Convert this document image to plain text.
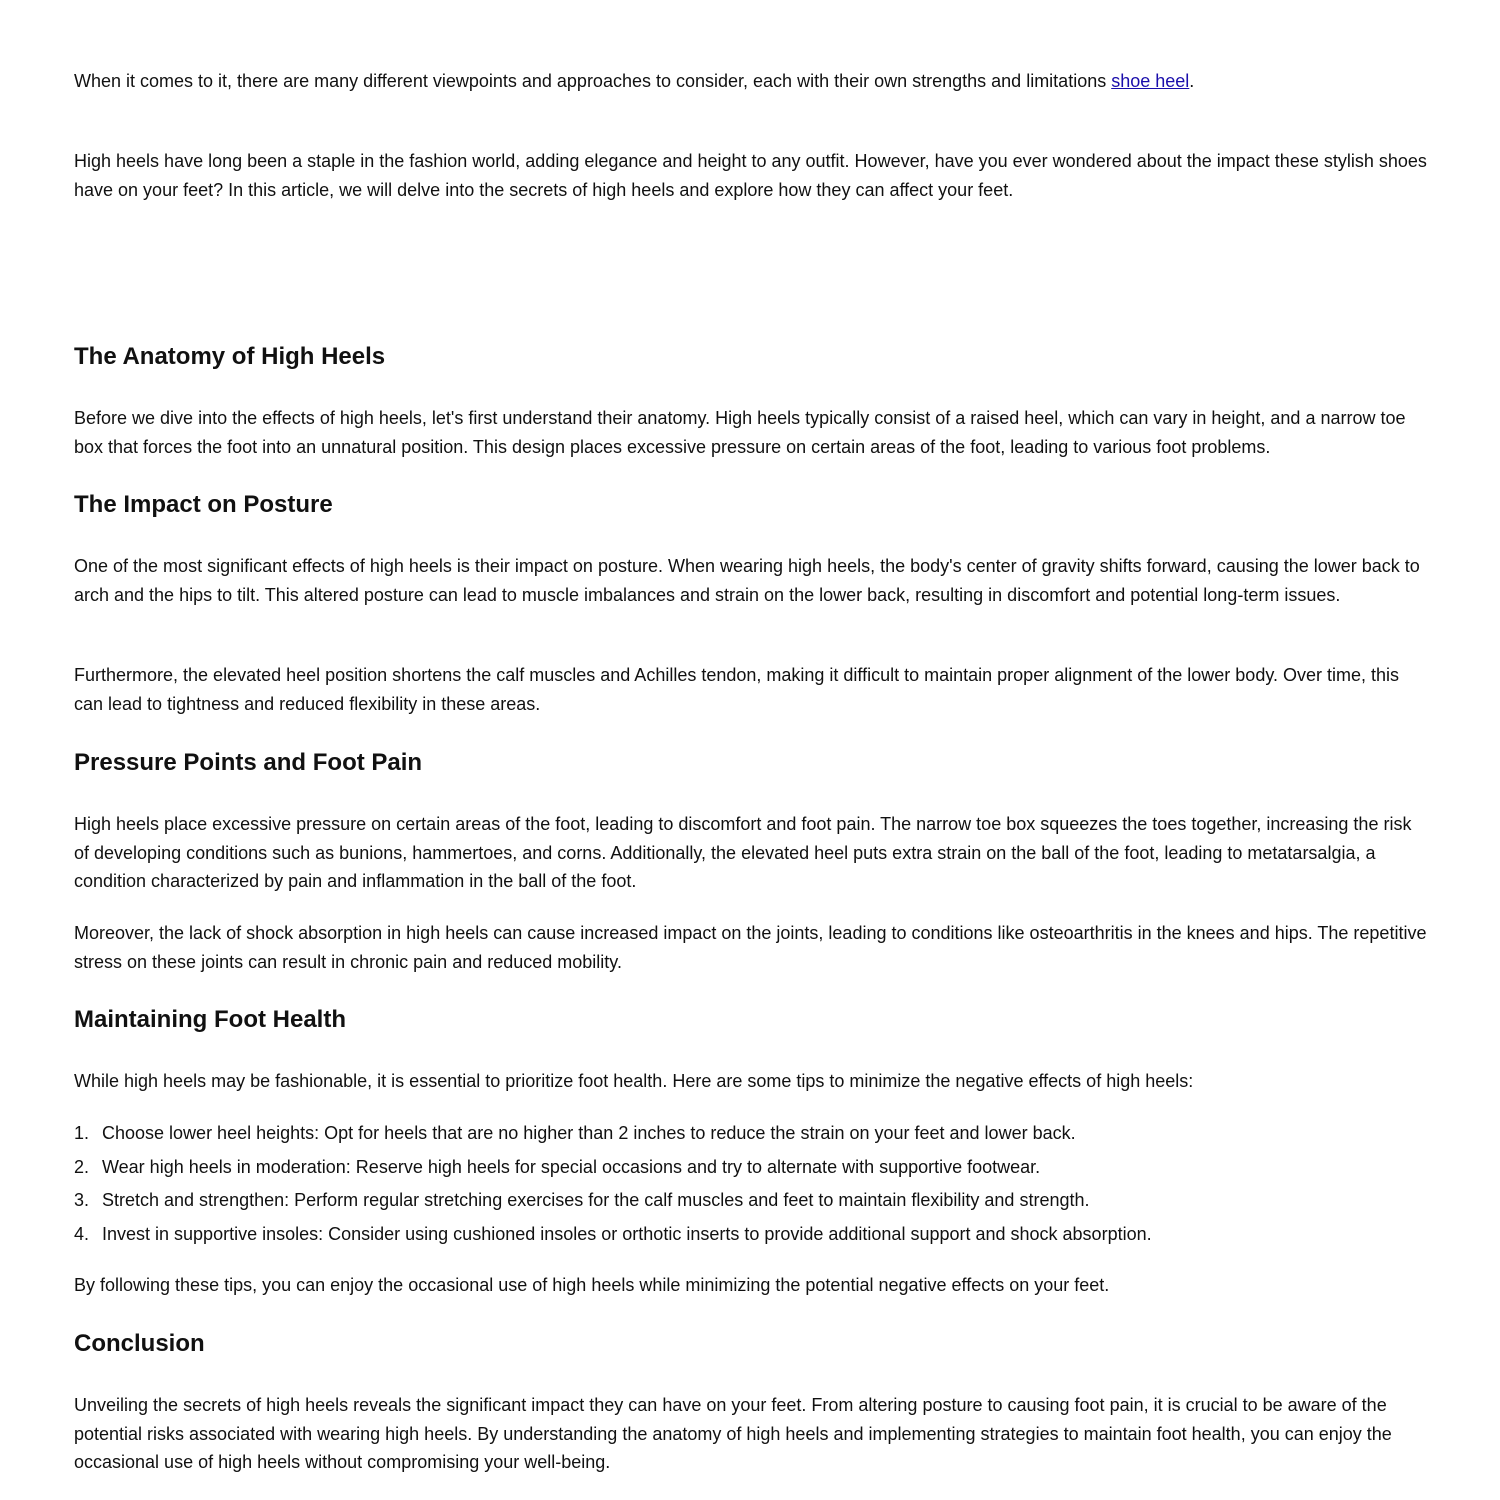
When it comes to it, there are many different viewpoints and approaches to consider, each with their own strengths and limitations shoe heel.

High heels have long been a staple in the fashion world, adding elegance and height to any outfit. However, have you ever wondered about the impact these stylish shoes have on your feet? In this article, we will delve into the secrets of high heels and explore how they can affect your feet.

The Anatomy of High Heels

Before we dive into the effects of high heels, let's first understand their anatomy. High heels typically consist of a raised heel, which can vary in height, and a narrow toe box that forces the foot into an unnatural position. This design places excessive pressure on certain areas of the foot, leading to various foot problems.

The Impact on Posture

One of the most significant effects of high heels is their impact on posture. When wearing high heels, the body's center of gravity shifts forward, causing the lower back to arch and the hips to tilt. This altered posture can lead to muscle imbalances and strain on the lower back, resulting in discomfort and potential long-term issues.

Furthermore, the elevated heel position shortens the calf muscles and Achilles tendon, making it difficult to maintain proper alignment of the lower body. Over time, this can lead to tightness and reduced flexibility in these areas.

Pressure Points and Foot Pain

High heels place excessive pressure on certain areas of the foot, leading to discomfort and foot pain. The narrow toe box squeezes the toes together, increasing the risk of developing conditions such as bunions, hammertoes, and corns. Additionally, the elevated heel puts extra strain on the ball of the foot, leading to metatarsalgia, a condition characterized by pain and inflammation in the ball of the foot.

Moreover, the lack of shock absorption in high heels can cause increased impact on the joints, leading to conditions like osteoarthritis in the knees and hips. The repetitive stress on these joints can result in chronic pain and reduced mobility.

Maintaining Foot Health

While high heels may be fashionable, it is essential to prioritize foot health. Here are some tips to minimize the negative effects of high heels:

1. Choose lower heel heights: Opt for heels that are no higher than 2 inches to reduce the strain on your feet and lower back.
2. Wear high heels in moderation: Reserve high heels for special occasions and try to alternate with supportive footwear.
3. Stretch and strengthen: Perform regular stretching exercises for the calf muscles and feet to maintain flexibility and strength.
4. Invest in supportive insoles: Consider using cushioned insoles or orthotic inserts to provide additional support and shock absorption.

By following these tips, you can enjoy the occasional use of high heels while minimizing the potential negative effects on your feet.

Conclusion

Unveiling the secrets of high heels reveals the significant impact they can have on your feet. From altering posture to causing foot pain, it is crucial to be aware of the potential risks associated with wearing high heels. By understanding the anatomy of high heels and implementing strategies to maintain foot health, you can enjoy the occasional use of high heels without compromising your well-being.
